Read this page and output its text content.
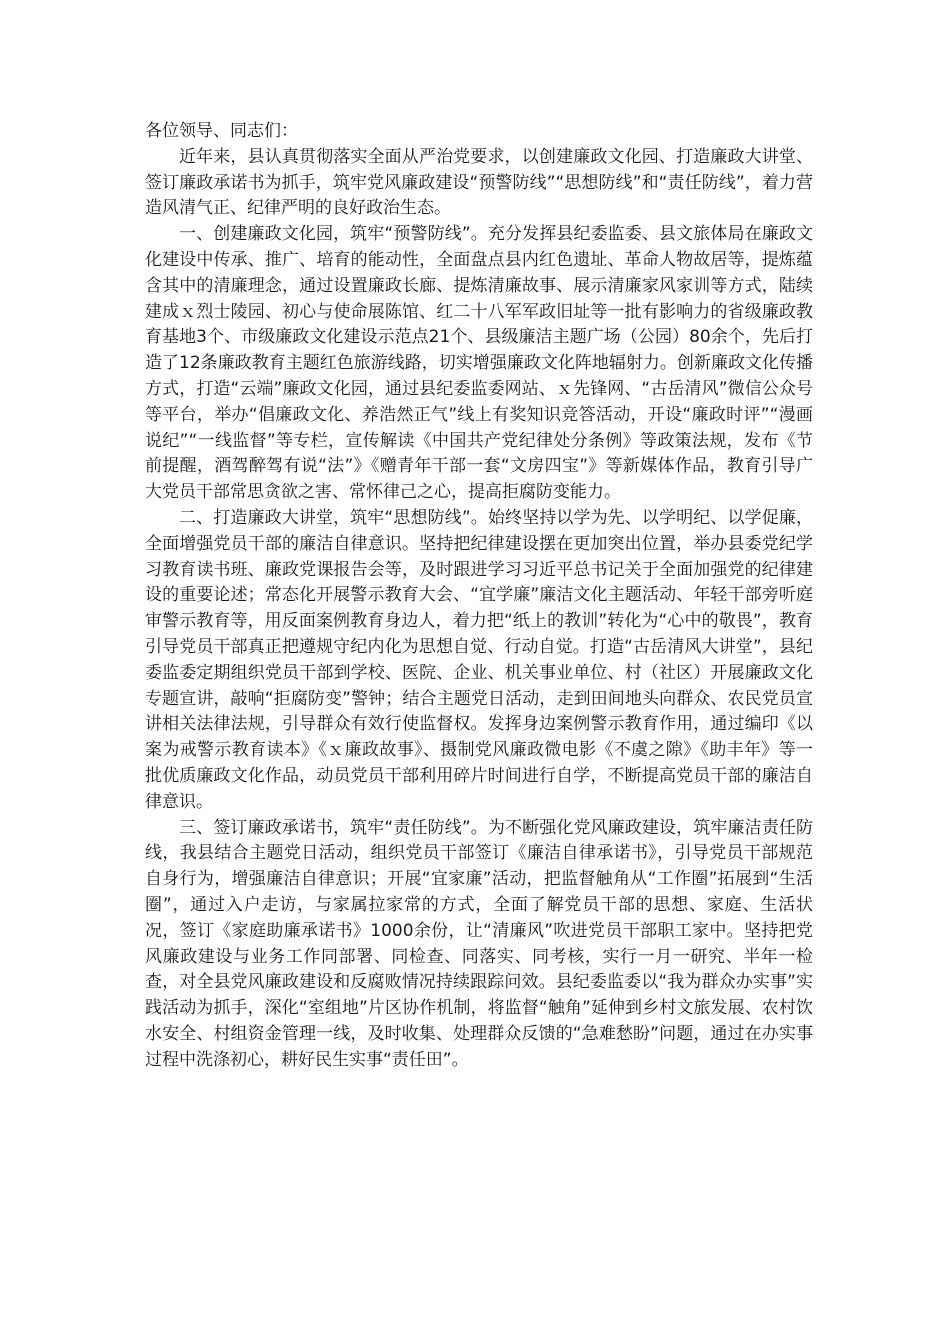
各位领导、同志们：

近年来，县认真贯彻落实全面从严治党要求，以创建廉政文化园、打造廉政大讲堂、签订廉政承诺书为抓手，筑牢党风廉政建设“预警防线”“思想防线”和“责任防线”，着力营造风清气正、纪律严明的良好政治生态。

一、创建廉政文化园，筑牢“预警防线”。充分发挥县纪委监委、县文旅体局在廉政文化建设中传承、推广、培育的能动性，全面盘点县内红色遗址、革命人物故居等，提炼蕴含其中的清廉理念，通过设置廉政长廊、提炼清廉故事、展示清廉家风家训等方式，陆续建成ｘ烈士陵园、初心与使命展陈馆、红二十八军军政旧址等一批有影响力的省级廉政教育基地3个、市级廉政文化建设示范点21个、县级廉洁主题广场（公园）80余个，先后打造了12条廉政教育主题红色旅游线路，切实增强廉政文化阵地辐射力。创新廉政文化传播方式，打造“云端”廉政文化园，通过县纪委监委网站、ｘ先锋网、“古岳清风”微信公众号等平台，举办“倡廉政文化、养浩然正气”线上有奖知识竞答活动，开设“廉政时评”“漫画说纪”“一线监督”等专栏，宣传解读《中国共产党纪律处分条例》等政策法规，发布《节前提醒，酒驾醉驾有说“法”》《赠青年干部一套“文房四宝”》等新媒体作品，教育引导广大党员干部常思贪欲之害、常怀律己之心，提高拒腐防变能力。

二、打造廉政大讲堂，筑牢“思想防线”。始终坚持以学为先、以学明纪、以学促廉，全面增强党员干部的廉洁自律意识。坚持把纪律建设摆在更加突出位置，举办县委党纪学习教育读书班、廉政党课报告会等，及时跟进学习习近平总书记关于全面加强党的纪律建设的重要论述；常态化开展警示教育大会、“宜学廉”廉洁文化主题活动、年轻干部旁听庭审警示教育等，用反面案例教育身边人，着力把“纸上的教训”转化为“心中的敬畏”，教育引导党员干部真正把遵规守纪内化为思想自觉、行动自觉。打造“古岳清风大讲堂”，县纪委监委定期组织党员干部到学校、医院、企业、机关事业单位、村（社区）开展廉政文化专题宣讲，敲响“拒腐防变”警钟；结合主题党日活动，走到田间地头向群众、农民党员宣讲相关法律法规，引导群众有效行使监督权。发挥身边案例警示教育作用，通过编印《以案为戒警示教育读本》《ｘ廉政故事》、摄制党风廉政微电影《不虞之隙》《助丰年》等一批优质廉政文化作品，动员党员干部利用碎片时间进行自学，不断提高党员干部的廉洁自律意识。

三、签订廉政承诺书，筑牢“责任防线”。为不断强化党风廉政建设，筑牢廉洁责任防线，我县结合主题党日活动，组织党员干部签订《廉洁自律承诺书》，引导党员干部规范自身行为，增强廉洁自律意识；开展“宜家廉”活动，把监督触角从“工作圈”拓展到“生活圈”，通过入户走访，与家属拉家常的方式，全面了解党员干部的思想、家庭、生活状况，签订《家庭助廉承诺书》1000余份，让“清廉风”吹进党员干部职工家中。坚持把党风廉政建设与业务工作同部署、同检查、同落实、同考核，实行一月一研究、半年一检查，对全县党风廉政建设和反腐败情况持续跟踪问效。县纪委监委以“我为群众办实事”实践活动为抓手，深化“室组地”片区协作机制，将监督“触角”延伸到乡村文旅发展、农村饮水安全、村组资金管理一线，及时收集、处理群众反馈的“急难愁盼”问题，通过在办实事过程中洗涤初心，耕好民生实事“责任田”。
